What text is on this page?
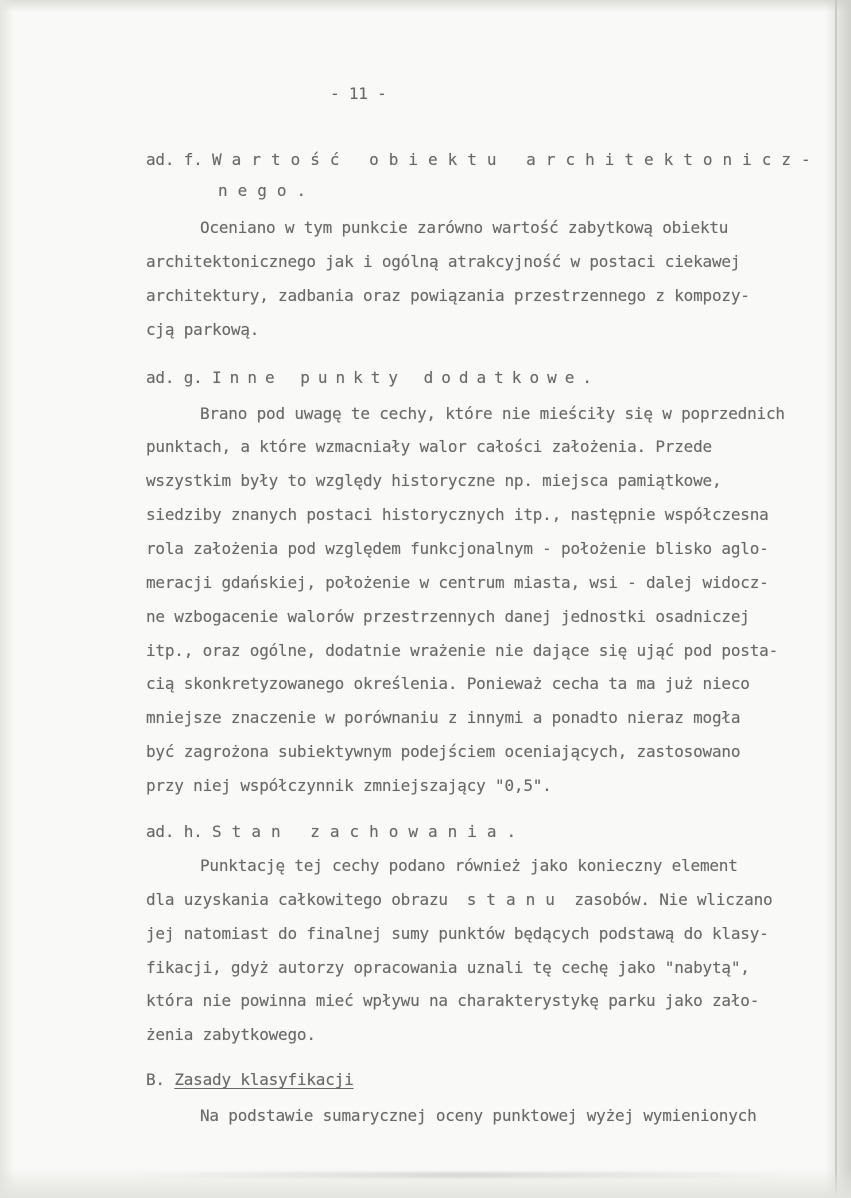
- 11 -
ad. f. Wartość obiektu architektonicz-
nego.
Oceniano w tym punkcie zarówno wartość zabytkową obiektu
architektonicznego jak i ogólną atrakcyjność w postaci ciekawej
architektury, zadbania oraz powiązania przestrzennego z kompozy-
cją parkową.
ad. g. Inne punkty dodatkowe.
Brano pod uwagę te cechy, które nie mieściły się w poprzednich
punktach, a które wzmacniały walor całości założenia. Przede
wszystkim były to względy historyczne np. miejsca pamiątkowe,
siedziby znanych postaci historycznych itp., następnie współczesna
rola założenia pod względem funkcjonalnym - położenie blisko aglo-
meracji gdańskiej, położenie w centrum miasta, wsi - dalej widocz-
ne wzbogacenie walorów przestrzennych danej jednostki osadniczej
itp., oraz ogólne, dodatnie wrażenie nie dające się ująć pod posta-
cią skonkretyzowanego określenia. Ponieważ cecha ta ma już nieco
mniejsze znaczenie w porównaniu z innymi a ponadto nieraz mogła
być zagrożona subiektywnym podejściem oceniających, zastosowano
przy niej współczynnik zmniejszający "0,5".
ad. h. Stan zachowania.
Punktację tej cechy podano również jako konieczny element
dla uzyskania całkowitego obrazu stanu zasobów. Nie wliczano
jej natomiast do finalnej sumy punktów będących podstawą do klasy-
fikacji, gdyż autorzy opracowania uznali tę cechę jako "nabytą",
która nie powinna mieć wpływu na charakterystykę parku jako zało-
żenia zabytkowego.
B. Zasady klasyfikacji
Na podstawie sumarycznej oceny punktowej wyżej wymienionych
